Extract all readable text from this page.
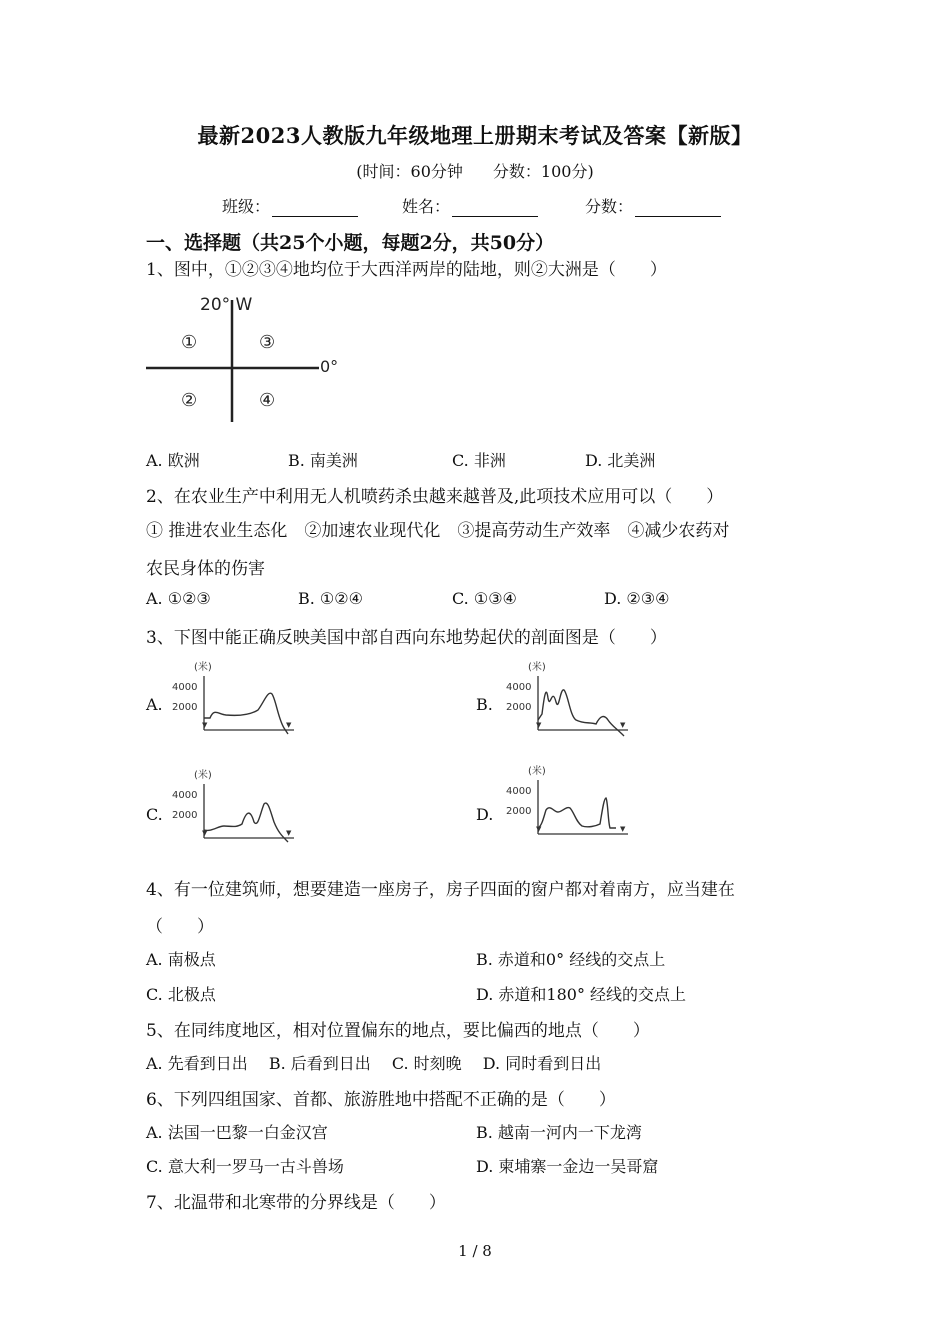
最新2023人教版九年级地理上册期末考试及答案【新版】
(时间：60分钟 分数：100分)
班级：	姓名：	分数：
一、选择题（共25个小题，每题2分，共50分）
1、图中，①②③④地均位于大西洋两岸的陆地，则②大洲是（　　）
20° W
0°
①	③
②	④
A. 欧洲	B. 南美洲	C. 非洲	D. 北美洲
2、在农业生产中利用无人机喷药杀虫越来越普及,此项技术应用可以（　　）
① 推进农业生态化　②加速农业现代化　③提高劳动生产效率　④减少农药对
农民身体的伤害
A. ①②③	B. ①②④	C. ①③④	D. ②③④
3、下图中能正确反映美国中部自西向东地势起伏的剖面图是（　　）
A.
(米)
4000
2000
▼	▼
B.
(米)
4000
2000
▼	▼
C.
(米)
4000
2000
▼	▼
D.
(米)
4000
2000
▼	▼
4、有一位建筑师，想要建造一座房子，房子四面的窗户都对着南方，应当建在
（　　）
A. 南极点	B. 赤道和0° 经线的交点上
C. 北极点	D. 赤道和180° 经线的交点上
5、在同纬度地区，相对位置偏东的地点，要比偏西的地点（　　）
A. 先看到日出　 B. 后看到日出　 C. 时刻晚　 D. 同时看到日出
6、下列四组国家、首都、旅游胜地中搭配不正确的是（　　）
A. 法国一巴黎一白金汉宫	B. 越南一河内一下龙湾
C. 意大利一罗马一古斗兽场	D. 柬埔寨一金边一吴哥窟
7、北温带和北寒带的分界线是（　　）
1 / 8
